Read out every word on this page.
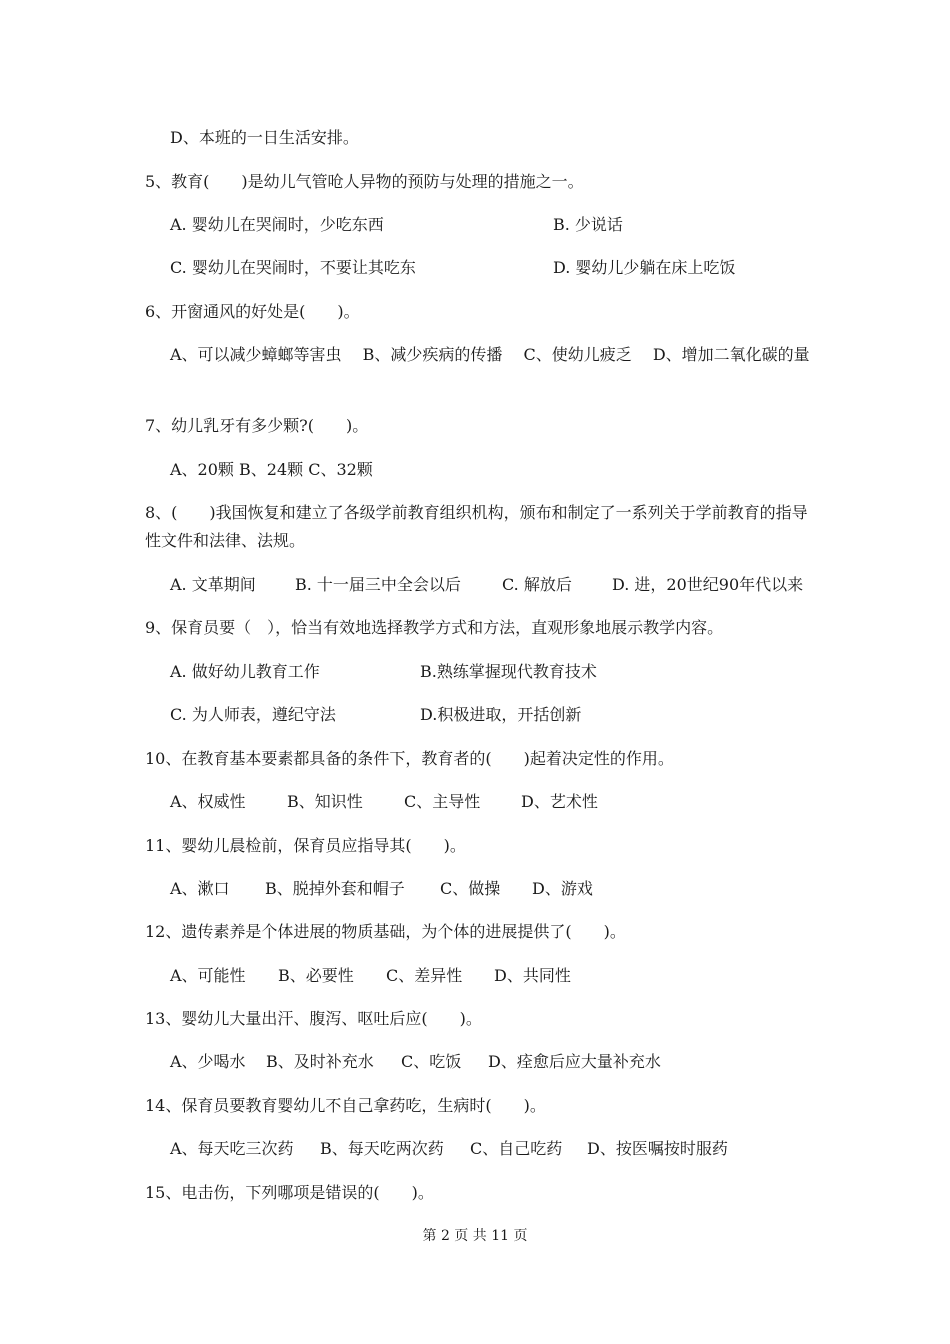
D、本班的一日生活安排。
5、教育(　　)是幼儿气管呛人异物的预防与处理的措施之一。
A. 婴幼儿在哭闹时，少吃东西	B. 少说话
C. 婴幼儿在哭闹时，不要让其吃东	D. 婴幼儿少躺在床上吃饭
6、开窗通风的好处是(　　)。
A、可以减少蟑螂等害虫　 B、减少疾病的传播　 C、使幼儿疲乏　 D、增加二氧化碳的量
7、幼儿乳牙有多少颗?(　　)。
A、20颗 B、24颗 C、32颗
8、(　　)我国恢复和建立了各级学前教育组织机构，颁布和制定了一系列关于学前教育的指导性文件和法律、法规。
A. 文革期间 B. 十一届三中全会以后	C. 解放后	D. 进，20世纪90年代以来
9、保育员要（　），恰当有效地选择教学方式和方法，直观形象地展示教学内容。
A. 做好幼儿教育工作	B.熟练掌握现代教育技术
C. 为人师表，遵纪守法	D.积极进取，开括创新
10、在教育基本要素都具备的条件下，教育者的(　　)起着决定性的作用。
A、权威性	B、知识性	C、主导性	D、艺术性
11、婴幼儿晨检前，保育员应指导其(　　)。
A、漱口 B、脱掉外套和帽子 C、做操 D、游戏
12、遗传素养是个体进展的物质基础，为个体的进展提供了(　　)。
A、可能性 B、必要性 C、差异性 D、共同性
13、婴幼儿大量出汗、腹泻、呕吐后应(　　)。
A、少喝水 B、及时补充水 C、吃饭 D、痊愈后应大量补充水
14、保育员要教育婴幼儿不自己拿药吃，生病时(　　)。
A、每天吃三次药 B、每天吃两次药 C、自己吃药 D、按医嘱按时服药
15、电击伤，下列哪项是错误的(　　)。
第 2 页 共 11 页
